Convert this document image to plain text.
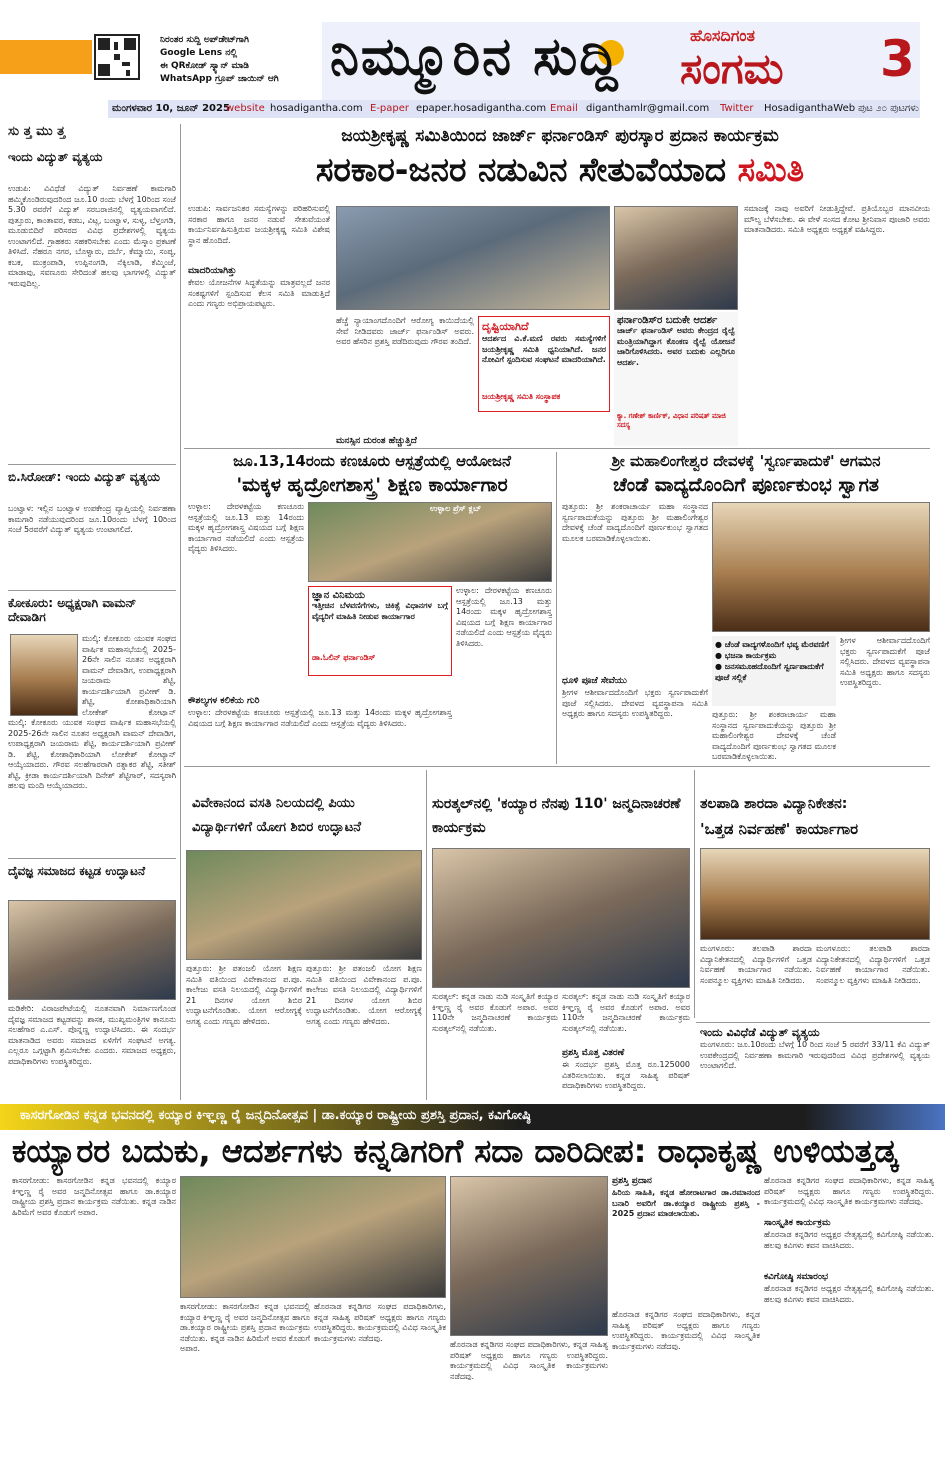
ನಿರಂತರ ಸುದ್ದಿ ಅಪ್‌ಡೇಟ್‌ಗಾಗಿ
Google Lens ನಲ್ಲಿ
ಈ QRಕೋಡ್‌ ಸ್ಕ್ಯಾನ್ ಮಾಡಿ
WhatsApp ಗ್ರೂಪ್ ಜಾಯಿನ್ ಆಗಿ ನಿಮ್ಮೂರಿನ ಸುದ್ದಿ	ಹೊಸದಿಗಂತ
ಸಂಗಮ 3
ಮಂಗಳವಾರ 10, ಜೂನ್ 2025
website hosadigantha.com E-paper epaper.hosadigantha.com Email diganthamlr@gmail.com Twitter HosadiganthaWeb ಪುಟ ೨೦ ಪುಟಗಳು
ಸು ತ್ತ ಮು ತ್ತ
ಇಂದು ವಿದ್ಯುತ್ ವ್ಯತ್ಯಯ
ಉಡುಪಿ: ವಿವಿಧೆಡೆ ವಿದ್ಯುತ್ ನಿರ್ವಹಣೆ ಕಾಮಗಾರಿ ಹಮ್ಮಿಕೊಂಡಿರುವುದರಿಂದ ಜೂ.10 ರಂದು ಬೆಳಗ್ಗೆ 10ರಿಂದ ಸಂಜೆ 5.30 ರವರೆಗೆ ವಿದ್ಯುತ್ ಸರಬರಾಜಿನಲ್ಲಿ ವ್ಯತ್ಯಯವಾಗಲಿದೆ. ಪುತ್ತೂರು, ಕಾಂತಾವರ, ಕಡಬ, ವಿಟ್ಲ, ಬಂಟ್ವಾಳ, ಸುಳ್ಯ, ಬೆಳ್ತಂಗಡಿ, ಮೂಡುಬಿದಿರೆ ಪರಿಸರದ ವಿವಿಧ ಪ್ರದೇಶಗಳಲ್ಲಿ ವ್ಯತ್ಯಯ ಉಂಟಾಗಲಿದೆ. ಗ್ರಾಹಕರು ಸಹಕರಿಸಬೇಕು ಎಂದು ಮೆಸ್ಕಾಂ ಪ್ರಕಟಣೆ ತಿಳಿಸಿದೆ. ನೆಹರೂ ನಗರ, ಬೊಳ್ವಾರು, ದರ್ಬೆ, ಕೆಮ್ಮಾಯಿ, ಸಂಪ್ಯ, ಕಬಕ, ಮುಕ್ರಂಪಾಡಿ, ಉಪ್ಪಿನಂಗಡಿ, ನೆಕ್ಕಿಲಾಡಿ, ಕೆಮ್ಮಿಂಜೆ, ಮಾಡಾವು, ಸವಣೂರು ಸೇರಿದಂತೆ ಹಲವು ಭಾಗಗಳಲ್ಲಿ ವಿದ್ಯುತ್ ಇರುವುದಿಲ್ಲ.
ಬಿ.ಸಿರೋಡ್: ಇಂದು ವಿದ್ಯುತ್ ವ್ಯತ್ಯಯ
ಬಂಟ್ವಾಳ: ಇಲ್ಲಿನ ಬಂಟ್ವಾಳ ಉಪಕೇಂದ್ರ ವ್ಯಾಪ್ತಿಯಲ್ಲಿ ನಿರ್ವಹಣಾ ಕಾಮಗಾರಿ ನಡೆಯುವುದರಿಂದ ಜೂ.10ರಂದು ಬೆಳಗ್ಗೆ 10ರಿಂದ ಸಂಜೆ 5ರವರೆಗೆ ವಿದ್ಯುತ್ ವ್ಯತ್ಯಯ ಉಂಟಾಗಲಿದೆ.
ಕೋಕೂರು: ಅಧ್ಯಕ್ಷರಾಗಿ ವಾಮನ್ ದೇವಾಡಿಗ
ಮುಲ್ಕಿ: ಕೋಕೂರು ಯುವಕ ಸಂಘದ ವಾರ್ಷಿಕ ಮಹಾಸಭೆಯಲ್ಲಿ 2025-26ನೇ ಸಾಲಿನ ನೂತನ ಅಧ್ಯಕ್ಷರಾಗಿ ವಾಮನ್ ದೇವಾಡಿಗ, ಉಪಾಧ್ಯಕ್ಷರಾಗಿ ಜಯರಾಮ ಶೆಟ್ಟಿ, ಕಾರ್ಯದರ್ಶಿಯಾಗಿ ಪ್ರವೀಣ್ ಡಿ. ಶೆಟ್ಟಿ, ಕೋಶಾಧಿಕಾರಿಯಾಗಿ ಲೋಕೇಶ್ ಕೋಟ್ಯಾನ್
ಮುಲ್ಕಿ: ಕೋಕೂರು ಯುವಕ ಸಂಘದ ವಾರ್ಷಿಕ ಮಹಾಸಭೆಯಲ್ಲಿ 2025-26ನೇ ಸಾಲಿನ ನೂತನ ಅಧ್ಯಕ್ಷರಾಗಿ ವಾಮನ್ ದೇವಾಡಿಗ, ಉಪಾಧ್ಯಕ್ಷರಾಗಿ ಜಯರಾಮ ಶೆಟ್ಟಿ, ಕಾರ್ಯದರ್ಶಿಯಾಗಿ ಪ್ರವೀಣ್ ಡಿ. ಶೆಟ್ಟಿ, ಕೋಶಾಧಿಕಾರಿಯಾಗಿ ಲೋಕೇಶ್ ಕೋಟ್ಯಾನ್ ಆಯ್ಕೆಯಾದರು. ಗೌರವ ಸಲಹೆಗಾರರಾಗಿ ರತ್ನಾಕರ ಶೆಟ್ಟಿ, ಸತೀಶ್ ಶೆಟ್ಟಿ, ಕ್ರೀಡಾ ಕಾರ್ಯದರ್ಶಿಯಾಗಿ ದಿನೇಶ್ ಶೆಟ್ಟಿಗಾರ್, ಸದಸ್ಯರಾಗಿ ಹಲವು ಮಂದಿ ಆಯ್ಕೆಯಾದರು.
ದೈವಜ್ಞ ಸಮಾಜದ ಕಟ್ಟಡ ಉದ್ಘಾಟನೆ
ಮಡಿಕೇರಿ: ವಿರಾಜಪೇಟೆಯಲ್ಲಿ ನೂತನವಾಗಿ ನಿರ್ಮಾಣಗೊಂಡ ದೈವಜ್ಞ ಸಮಾಜದ ಕಟ್ಟಡವನ್ನು ಶಾಸಕ, ಮುಖ್ಯಮಂತ್ರಿಗಳ ಕಾನೂನು ಸಲಹೆಗಾರ ಎ.ಎಸ್. ಪೊನ್ನಣ್ಣ ಉದ್ಘಾಟಿಸಿದರು. ಈ ಸಂದರ್ಭ ಮಾತನಾಡಿದ ಅವರು ಸಮಾಜದ ಏಳಿಗೆಗೆ ಸಂಘಟನೆ ಅಗತ್ಯ. ಎಲ್ಲರೂ ಒಗ್ಗಟ್ಟಾಗಿ ಶ್ರಮಿಸಬೇಕು ಎಂದರು. ಸಮಾಜದ ಅಧ್ಯಕ್ಷರು, ಪದಾಧಿಕಾರಿಗಳು ಉಪಸ್ಥಿತರಿದ್ದರು.
ಜಯಶ್ರೀಕೃಷ್ಣ ಸಮಿತಿಯಿಂದ ಜಾರ್ಜ್ ಫರ್ನಾಂಡಿಸ್ ಪುರಸ್ಕಾರ ಪ್ರದಾನ ಕಾರ್ಯಕ್ರಮ
ಸರಕಾರ-ಜನರ ನಡುವಿನ ಸೇತುವೆಯಾದ ಸಮಿತಿ
ಉಡುಪಿ: ಸಾರ್ವಜನಿಕರ ಸಮಸ್ಯೆಗಳನ್ನು ಪರಿಹರಿಸುವಲ್ಲಿ ಸರಕಾರ ಹಾಗೂ ಜನರ ನಡುವೆ ಸೇತುವೆಯಂತೆ ಕಾರ್ಯನಿರ್ವಹಿಸುತ್ತಿರುವ ಜಯಶ್ರೀಕೃಷ್ಣ ಸಮಿತಿ ವಿಶೇಷ ಸ್ಥಾನ ಹೊಂದಿದೆ.
ಮಾದರಿಯಾಗಿತ್ತು
ಕೇವಲ ಯೋಜನೆಗಳ ಸಿದ್ಧತೆಯನ್ನು ಮಾತ್ರವಲ್ಲದೆ ಜನರ ಸಂಕಷ್ಟಗಳಿಗೆ ಸ್ಪಂದಿಸುವ ಕೆಲಸ ಸಮಿತಿ ಮಾಡುತ್ತಿದೆ ಎಂದು ಗಣ್ಯರು ಅಭಿಪ್ರಾಯಪಟ್ಟರು.
ಹೆಚ್ಚೆ ನ್ಯಾಯಾಂಗದೊಂದಿಗೆ ಆರೋಗ್ಯ ಕಾಯಿದೆಯಲ್ಲಿ ಸೇವೆ ನೀಡಿದವರು ಜಾರ್ಜ್ ಫರ್ನಾಂಡಿಸ್ ಅವರು. ಅವರ ಹೆಸರಿನ ಪ್ರಶಸ್ತಿ ಪಡೆದಿರುವುದು ಗೌರವ ತಂದಿದೆ.
ದೃಷ್ಟಿಯಾಗಿದೆ
ಆದರ್ಶದ ವಿ.ಕೆ.ಮಣಿ ರವರು ಸಮಸ್ಯೆಗಳಿಗೆ ಜಯಶ್ರೀಕೃಷ್ಣ ಸಮಿತಿ ಧ್ವನಿಯಾಗಿದೆ. ಜನರ ನೋವಿಗೆ ಸ್ಪಂದಿಸುವ ಸಂಘಟನೆ ಮಾದರಿಯಾಗಿದೆ.
ಜಯಶ್ರೀಕೃಷ್ಣ ಸಮಿತಿ ಸಂಸ್ಥಾಪಕ
ಮನಸ್ಸಿನ ದುರಂತ ಹೆಚ್ಚುತ್ತಿದೆ
ಫರ್ನಾಂಡಿಸ್‌ರ ಬದುಕೇ ಆದರ್ಶ
ಜಾರ್ಜ್ ಫರ್ನಾಂಡಿಸ್ ಅವರು ಕೇಂದ್ರದ ರೈಲ್ವೆ ಮಂತ್ರಿಯಾಗಿದ್ದಾಗ ಕೊಂಕಣ ರೈಲ್ವೆ ಯೋಜನೆ ಜಾರಿಗೊಳಿಸಿದರು. ಅವರ ಬದುಕು ಎಲ್ಲರಿಗೂ ಆದರ್ಶ.
ಕ್ಯಾ. ಗಣೇಶ್ ಕಾರ್ಣಿಕ್, ವಿಧಾನ ಪರಿಷತ್ ಮಾಜಿ ಸದಸ್ಯ
ಸಮಾಜಕ್ಕೆ ನಾವು ಅವರಿಗೆ ನೀಡುತ್ತಿದ್ದೇವೆ. ಪ್ರತಿಯೊಬ್ಬರ ಮಾನವೀಯ ಮೌಲ್ಯ ಬೆಳೆಸಬೇಕು. ಈ ವೇಳೆ ಸಂಸದ ಕೋಟ ಶ್ರೀನಿವಾಸ ಪೂಜಾರಿ ಅವರು ಮಾತನಾಡಿದರು. ಸಮಿತಿ ಅಧ್ಯಕ್ಷರು ಅಧ್ಯಕ್ಷತೆ ವಹಿಸಿದ್ದರು.
ಜೂ.13,14ರಂದು ಕಣಚೂರು ಆಸ್ಪತ್ರೆಯಲ್ಲಿ ಆಯೋಜನೆ
'ಮಕ್ಕಳ ಹೃದ್ರೋಗಶಾಸ್ತ್ರ' ಶಿಕ್ಷಣ ಕಾರ್ಯಾಗಾರ
ಉಳ್ಳಾಲ: ದೇರಳಕಟ್ಟೆಯ ಕಣಚೂರು ಆಸ್ಪತ್ರೆಯಲ್ಲಿ ಜೂ.13 ಮತ್ತು 14ರಂದು ಮಕ್ಕಳ ಹೃದ್ರೋಗಶಾಸ್ತ್ರ ವಿಷಯದ ಬಗ್ಗೆ ಶಿಕ್ಷಣ ಕಾರ್ಯಾಗಾರ ನಡೆಯಲಿದೆ ಎಂದು ಆಸ್ಪತ್ರೆಯ ವೈದ್ಯರು ತಿಳಿಸಿದರು.
ಉಳ್ಳಾಲ ಪ್ರೆಸ್ ಕ್ಲಬ್
ಜ್ಞಾನ ವಿನಿಮಯ
ಇತ್ತೀಚಿನ ಬೆಳವಣಿಗೆಗಳು, ಚಿಕಿತ್ಸೆ ವಿಧಾನಗಳ ಬಗ್ಗೆ ವೈದ್ಯರಿಗೆ ಮಾಹಿತಿ ನೀಡುವ ಕಾರ್ಯಾಗಾರ
ಡಾ.ಓಲಿನ್ ಫರ್ನಾಂಡಿಸ್
ಉಳ್ಳಾಲ: ದೇರಳಕಟ್ಟೆಯ ಕಣಚೂರು ಆಸ್ಪತ್ರೆಯಲ್ಲಿ ಜೂ.13 ಮತ್ತು 14ರಂದು ಮಕ್ಕಳ ಹೃದ್ರೋಗಶಾಸ್ತ್ರ ವಿಷಯದ ಬಗ್ಗೆ ಶಿಕ್ಷಣ ಕಾರ್ಯಾಗಾರ ನಡೆಯಲಿದೆ ಎಂದು ಆಸ್ಪತ್ರೆಯ ವೈದ್ಯರು ತಿಳಿಸಿದರು.
ಕೌಶಲ್ಯಗಳ ಕಲಿಕೆಯ ಗುರಿ
ಉಳ್ಳಾಲ: ದೇರಳಕಟ್ಟೆಯ ಕಣಚೂರು ಆಸ್ಪತ್ರೆಯಲ್ಲಿ ಜೂ.13 ಮತ್ತು 14ರಂದು ಮಕ್ಕಳ ಹೃದ್ರೋಗಶಾಸ್ತ್ರ ವಿಷಯದ ಬಗ್ಗೆ ಶಿಕ್ಷಣ ಕಾರ್ಯಾಗಾರ ನಡೆಯಲಿದೆ ಎಂದು ಆಸ್ಪತ್ರೆಯ ವೈದ್ಯರು ತಿಳಿಸಿದರು.
ಶ್ರೀ ಮಹಾಲಿಂಗೇಶ್ವರ ದೇವಳಕ್ಕೆ 'ಸ್ವರ್ಣಪಾದುಕೆ' ಆಗಮನ
ಚೆಂಡೆ ವಾದ್ಯದೊಂದಿಗೆ ಪೂರ್ಣಕುಂಭ ಸ್ವಾಗತ
ಪುತ್ತೂರು: ಶ್ರೀ ಶಂಕರಾಚಾರ್ಯ ಮಹಾ ಸಂಸ್ಥಾನದ ಸ್ವರ್ಣಪಾದುಕೆಯನ್ನು ಪುತ್ತೂರು ಶ್ರೀ ಮಹಾಲಿಂಗೇಶ್ವರ ದೇವಳಕ್ಕೆ ಚೆಂಡೆ ವಾದ್ಯದೊಂದಿಗೆ ಪೂರ್ಣಕುಂಭ ಸ್ವಾಗತದ ಮೂಲಕ ಬರಮಾಡಿಕೊಳ್ಳಲಾಯಿತು.
● ಚೆಂಡೆ ವಾದ್ಯಗಳೊಂದಿಗೆ ಭವ್ಯ ಮೆರವಣಿಗೆ
● ಭಜನಾ ಕಾರ್ಯಕ್ರಮ
● ಜನಸಮೂಹದೊಂದಿಗೆ ಸ್ವರ್ಣಪಾದುಕೆಗೆ ಪೂಜೆ ಸಲ್ಲಿಕೆ
ಶ್ರೀಗಳ ಆಶೀರ್ವಾದದೊಂದಿಗೆ ಭಕ್ತರು ಸ್ವರ್ಣಪಾದುಕೆಗೆ ಪೂಜೆ ಸಲ್ಲಿಸಿದರು. ದೇವಳದ ವ್ಯವಸ್ಥಾಪನಾ ಸಮಿತಿ ಅಧ್ಯಕ್ಷರು ಹಾಗೂ ಸದಸ್ಯರು ಉಪಸ್ಥಿತರಿದ್ದರು.
ಧೂಳಿ ಪೂಜೆ ಸೇವೆಯು
ಶ್ರೀಗಳ ಆಶೀರ್ವಾದದೊಂದಿಗೆ ಭಕ್ತರು ಸ್ವರ್ಣಪಾದುಕೆಗೆ ಪೂಜೆ ಸಲ್ಲಿಸಿದರು. ದೇವಳದ ವ್ಯವಸ್ಥಾಪನಾ ಸಮಿತಿ ಅಧ್ಯಕ್ಷರು ಹಾಗೂ ಸದಸ್ಯರು ಉಪಸ್ಥಿತರಿದ್ದರು.	ಪುತ್ತೂರು: ಶ್ರೀ ಶಂಕರಾಚಾರ್ಯ ಮಹಾ ಸಂಸ್ಥಾನದ ಸ್ವರ್ಣಪಾದುಕೆಯನ್ನು ಪುತ್ತೂರು ಶ್ರೀ ಮಹಾಲಿಂಗೇಶ್ವರ ದೇವಳಕ್ಕೆ ಚೆಂಡೆ ವಾದ್ಯದೊಂದಿಗೆ ಪೂರ್ಣಕುಂಭ ಸ್ವಾಗತದ ಮೂಲಕ ಬರಮಾಡಿಕೊಳ್ಳಲಾಯಿತು.
ವಿವೇಕಾನಂದ ವಸತಿ ನಿಲಯದಲ್ಲಿ ಪಿಯು ವಿದ್ಯಾರ್ಥಿಗಳಿಗೆ ಯೋಗ ಶಿಬಿರ ಉದ್ಘಾಟನೆ
ಪುತ್ತೂರು: ಶ್ರೀ ಪತಂಜಲಿ ಯೋಗ ಶಿಕ್ಷಣ ಸಮಿತಿ ವತಿಯಿಂದ ವಿವೇಕಾನಂದ ಪ.ಪೂ. ಕಾಲೇಜು ವಸತಿ ನಿಲಯದಲ್ಲಿ ವಿದ್ಯಾರ್ಥಿಗಳಿಗೆ 21 ದಿನಗಳ ಯೋಗ ಶಿಬಿರ ಉದ್ಘಾಟನೆಗೊಂಡಿತು. ಯೋಗ ಆರೋಗ್ಯಕ್ಕೆ ಅಗತ್ಯ ಎಂದು ಗಣ್ಯರು ಹೇಳಿದರು.
ಪುತ್ತೂರು: ಶ್ರೀ ಪತಂಜಲಿ ಯೋಗ ಶಿಕ್ಷಣ ಸಮಿತಿ ವತಿಯಿಂದ ವಿವೇಕಾನಂದ ಪ.ಪೂ. ಕಾಲೇಜು ವಸತಿ ನಿಲಯದಲ್ಲಿ ವಿದ್ಯಾರ್ಥಿಗಳಿಗೆ 21 ದಿನಗಳ ಯೋಗ ಶಿಬಿರ ಉದ್ಘಾಟನೆಗೊಂಡಿತು. ಯೋಗ ಆರೋಗ್ಯಕ್ಕೆ ಅಗತ್ಯ ಎಂದು ಗಣ್ಯರು ಹೇಳಿದರು.
ಸುರತ್ಕಲ್‌ನಲ್ಲಿ 'ಕಯ್ಯಾರ ನೆನಪು 110' ಜನ್ಮದಿನಾಚರಣೆ ಕಾರ್ಯಕ್ರಮ
ಸುರತ್ಕಲ್: ಕನ್ನಡ ನಾಡು ನುಡಿ ಸಂಸ್ಕೃತಿಗೆ ಕಯ್ಯಾರ ಕಿಞ್ಞಣ್ಣ ರೈ ಅವರ ಕೊಡುಗೆ ಅಪಾರ. ಅವರ 110ನೇ ಜನ್ಮದಿನಾಚರಣೆ ಕಾರ್ಯಕ್ರಮ ಸುರತ್ಕಲ್‌ನಲ್ಲಿ ನಡೆಯಿತು.
ಸುರತ್ಕಲ್: ಕನ್ನಡ ನಾಡು ನುಡಿ ಸಂಸ್ಕೃತಿಗೆ ಕಯ್ಯಾರ ಕಿಞ್ಞಣ್ಣ ರೈ ಅವರ ಕೊಡುಗೆ ಅಪಾರ. ಅವರ 110ನೇ ಜನ್ಮದಿನಾಚರಣೆ ಕಾರ್ಯಕ್ರಮ ಸುರತ್ಕಲ್‌ನಲ್ಲಿ ನಡೆಯಿತು.
ಪ್ರಶಸ್ತಿ ಮೊತ್ತ ವಿತರಣೆ
ಈ ಸಂದರ್ಭ ಪ್ರಶಸ್ತಿ ಮೊತ್ತ ರೂ.125000 ವಿತರಿಸಲಾಯಿತು. ಕನ್ನಡ ಸಾಹಿತ್ಯ ಪರಿಷತ್ ಪದಾಧಿಕಾರಿಗಳು ಉಪಸ್ಥಿತರಿದ್ದರು.
ತಲಪಾಡಿ ಶಾರದಾ ವಿದ್ಯಾನಿಕೇತನ:
'ಒತ್ತಡ ನಿರ್ವಹಣೆ' ಕಾರ್ಯಾಗಾರ
ಮಂಗಳೂರು: ತಲಪಾಡಿ ಶಾರದಾ ವಿದ್ಯಾನಿಕೇತನದಲ್ಲಿ ವಿದ್ಯಾರ್ಥಿಗಳಿಗೆ ಒತ್ತಡ ನಿರ್ವಹಣೆ ಕಾರ್ಯಾಗಾರ ನಡೆಯಿತು. ಸಂಪನ್ಮೂಲ ವ್ಯಕ್ತಿಗಳು ಮಾಹಿತಿ ನೀಡಿದರು.
ಮಂಗಳೂರು: ತಲಪಾಡಿ ಶಾರದಾ ವಿದ್ಯಾನಿಕೇತನದಲ್ಲಿ ವಿದ್ಯಾರ್ಥಿಗಳಿಗೆ ಒತ್ತಡ ನಿರ್ವಹಣೆ ಕಾರ್ಯಾಗಾರ ನಡೆಯಿತು. ಸಂಪನ್ಮೂಲ ವ್ಯಕ್ತಿಗಳು ಮಾಹಿತಿ ನೀಡಿದರು.
ಇಂದು ವಿವಿಧೆಡೆ ವಿದ್ಯುತ್ ವ್ಯತ್ಯಯ
ಮಂಗಳೂರು: ಜೂ.10ರಂದು ಬೆಳಗ್ಗೆ 10 ರಿಂದ ಸಂಜೆ 5 ರವರೆಗೆ 33/11 ಕೆವಿ ವಿದ್ಯುತ್ ಉಪಕೇಂದ್ರದಲ್ಲಿ ನಿರ್ವಹಣಾ ಕಾಮಗಾರಿ ಇರುವುದರಿಂದ ವಿವಿಧ ಪ್ರದೇಶಗಳಲ್ಲಿ ವ್ಯತ್ಯಯ ಉಂಟಾಗಲಿದೆ.
ಕಾಸರಗೋಡಿನ ಕನ್ನಡ ಭವನದಲ್ಲಿ ಕಯ್ಯಾರ ಕಿಞ್ಞಣ್ಣ ರೈ ಜನ್ಮದಿನೋತ್ಸವ | ಡಾ.ಕಯ್ಯಾರ ರಾಷ್ಟ್ರೀಯ ಪ್ರಶಸ್ತಿ ಪ್ರದಾನ, ಕವಿಗೋಷ್ಠಿ
ಕಯ್ಯಾರರ ಬದುಕು, ಆದರ್ಶಗಳು ಕನ್ನಡಿಗರಿಗೆ ಸದಾ ದಾರಿದೀಪ: ರಾಧಾಕೃಷ್ಣ ಉಳಿಯತ್ತಡ್ಕ
ಕಾಸರಗೋಡು: ಕಾಸರಗೋಡಿನ ಕನ್ನಡ ಭವನದಲ್ಲಿ ಕಯ್ಯಾರ ಕಿಞ್ಞಣ್ಣ ರೈ ಅವರ ಜನ್ಮದಿನೋತ್ಸವ ಹಾಗೂ ಡಾ.ಕಯ್ಯಾರ ರಾಷ್ಟ್ರೀಯ ಪ್ರಶಸ್ತಿ ಪ್ರದಾನ ಕಾರ್ಯಕ್ರಮ ನಡೆಯಿತು. ಕನ್ನಡ ನಾಡಿನ ಹಿರಿಮೆಗೆ ಅವರ ಕೊಡುಗೆ ಅಪಾರ.
ಕಾಸರಗೋಡು: ಕಾಸರಗೋಡಿನ ಕನ್ನಡ ಭವನದಲ್ಲಿ ಕಯ್ಯಾರ ಕಿಞ್ಞಣ್ಣ ರೈ ಅವರ ಜನ್ಮದಿನೋತ್ಸವ ಹಾಗೂ ಡಾ.ಕಯ್ಯಾರ ರಾಷ್ಟ್ರೀಯ ಪ್ರಶಸ್ತಿ ಪ್ರದಾನ ಕಾರ್ಯಕ್ರಮ ನಡೆಯಿತು. ಕನ್ನಡ ನಾಡಿನ ಹಿರಿಮೆಗೆ ಅವರ ಕೊಡುಗೆ ಅಪಾರ.
ಹೊರನಾಡ ಕನ್ನಡಿಗರ ಸಂಘದ ಪದಾಧಿಕಾರಿಗಳು, ಕನ್ನಡ ಸಾಹಿತ್ಯ ಪರಿಷತ್ ಅಧ್ಯಕ್ಷರು ಹಾಗೂ ಗಣ್ಯರು ಉಪಸ್ಥಿತರಿದ್ದರು. ಕಾರ್ಯಕ್ರಮದಲ್ಲಿ ವಿವಿಧ ಸಾಂಸ್ಕೃತಿಕ ಕಾರ್ಯಕ್ರಮಗಳು ನಡೆದವು.
ಹೊರನಾಡ ಕನ್ನಡಿಗರ ಸಂಘದ ಪದಾಧಿಕಾರಿಗಳು, ಕನ್ನಡ ಸಾಹಿತ್ಯ ಪರಿಷತ್ ಅಧ್ಯಕ್ಷರು ಹಾಗೂ ಗಣ್ಯರು ಉಪಸ್ಥಿತರಿದ್ದರು. ಕಾರ್ಯಕ್ರಮದಲ್ಲಿ ವಿವಿಧ ಸಾಂಸ್ಕೃತಿಕ ಕಾರ್ಯಕ್ರಮಗಳು ನಡೆದವು.
ಪ್ರಶಸ್ತಿ ಪ್ರದಾನ
ಹಿರಿಯ ಸಾಹಿತಿ, ಕನ್ನಡ ಹೋರಾಟಗಾರ ಡಾ.ರಮಾನಂದ ಬನಾರಿ ಅವರಿಗೆ ಡಾ.ಕಯ್ಯಾರ ರಾಷ್ಟ್ರೀಯ ಪ್ರಶಸ್ತಿ - 2025 ಪ್ರದಾನ ಮಾಡಲಾಯಿತು.
ಹೊರನಾಡ ಕನ್ನಡಿಗರ ಸಂಘದ ಪದಾಧಿಕಾರಿಗಳು, ಕನ್ನಡ ಸಾಹಿತ್ಯ ಪರಿಷತ್ ಅಧ್ಯಕ್ಷರು ಹಾಗೂ ಗಣ್ಯರು ಉಪಸ್ಥಿತರಿದ್ದರು. ಕಾರ್ಯಕ್ರಮದಲ್ಲಿ ವಿವಿಧ ಸಾಂಸ್ಕೃತಿಕ ಕಾರ್ಯಕ್ರಮಗಳು ನಡೆದವು.
ಹೊರನಾಡ ಕನ್ನಡಿಗರ ಸಂಘದ ಪದಾಧಿಕಾರಿಗಳು, ಕನ್ನಡ ಸಾಹಿತ್ಯ ಪರಿಷತ್ ಅಧ್ಯಕ್ಷರು ಹಾಗೂ ಗಣ್ಯರು ಉಪಸ್ಥಿತರಿದ್ದರು. ಕಾರ್ಯಕ್ರಮದಲ್ಲಿ ವಿವಿಧ ಸಾಂಸ್ಕೃತಿಕ ಕಾರ್ಯಕ್ರಮಗಳು ನಡೆದವು.
ಸಾಂಸ್ಕೃತಿಕ ಕಾರ್ಯಕ್ರಮ
ಹೊರನಾಡ ಕನ್ನಡಿಗರ ಅಧ್ಯಕ್ಷರ ನೇತೃತ್ವದಲ್ಲಿ ಕವಿಗೋಷ್ಠಿ ನಡೆಯಿತು. ಹಲವು ಕವಿಗಳು ಕವನ ವಾಚಿಸಿದರು.
ಕವಿಗೋಷ್ಠಿ ಸಮಾರಂಭ
ಹೊರನಾಡ ಕನ್ನಡಿಗರ ಅಧ್ಯಕ್ಷರ ನೇತೃತ್ವದಲ್ಲಿ ಕವಿಗೋಷ್ಠಿ ನಡೆಯಿತು. ಹಲವು ಕವಿಗಳು ಕವನ ವಾಚಿಸಿದರು.
